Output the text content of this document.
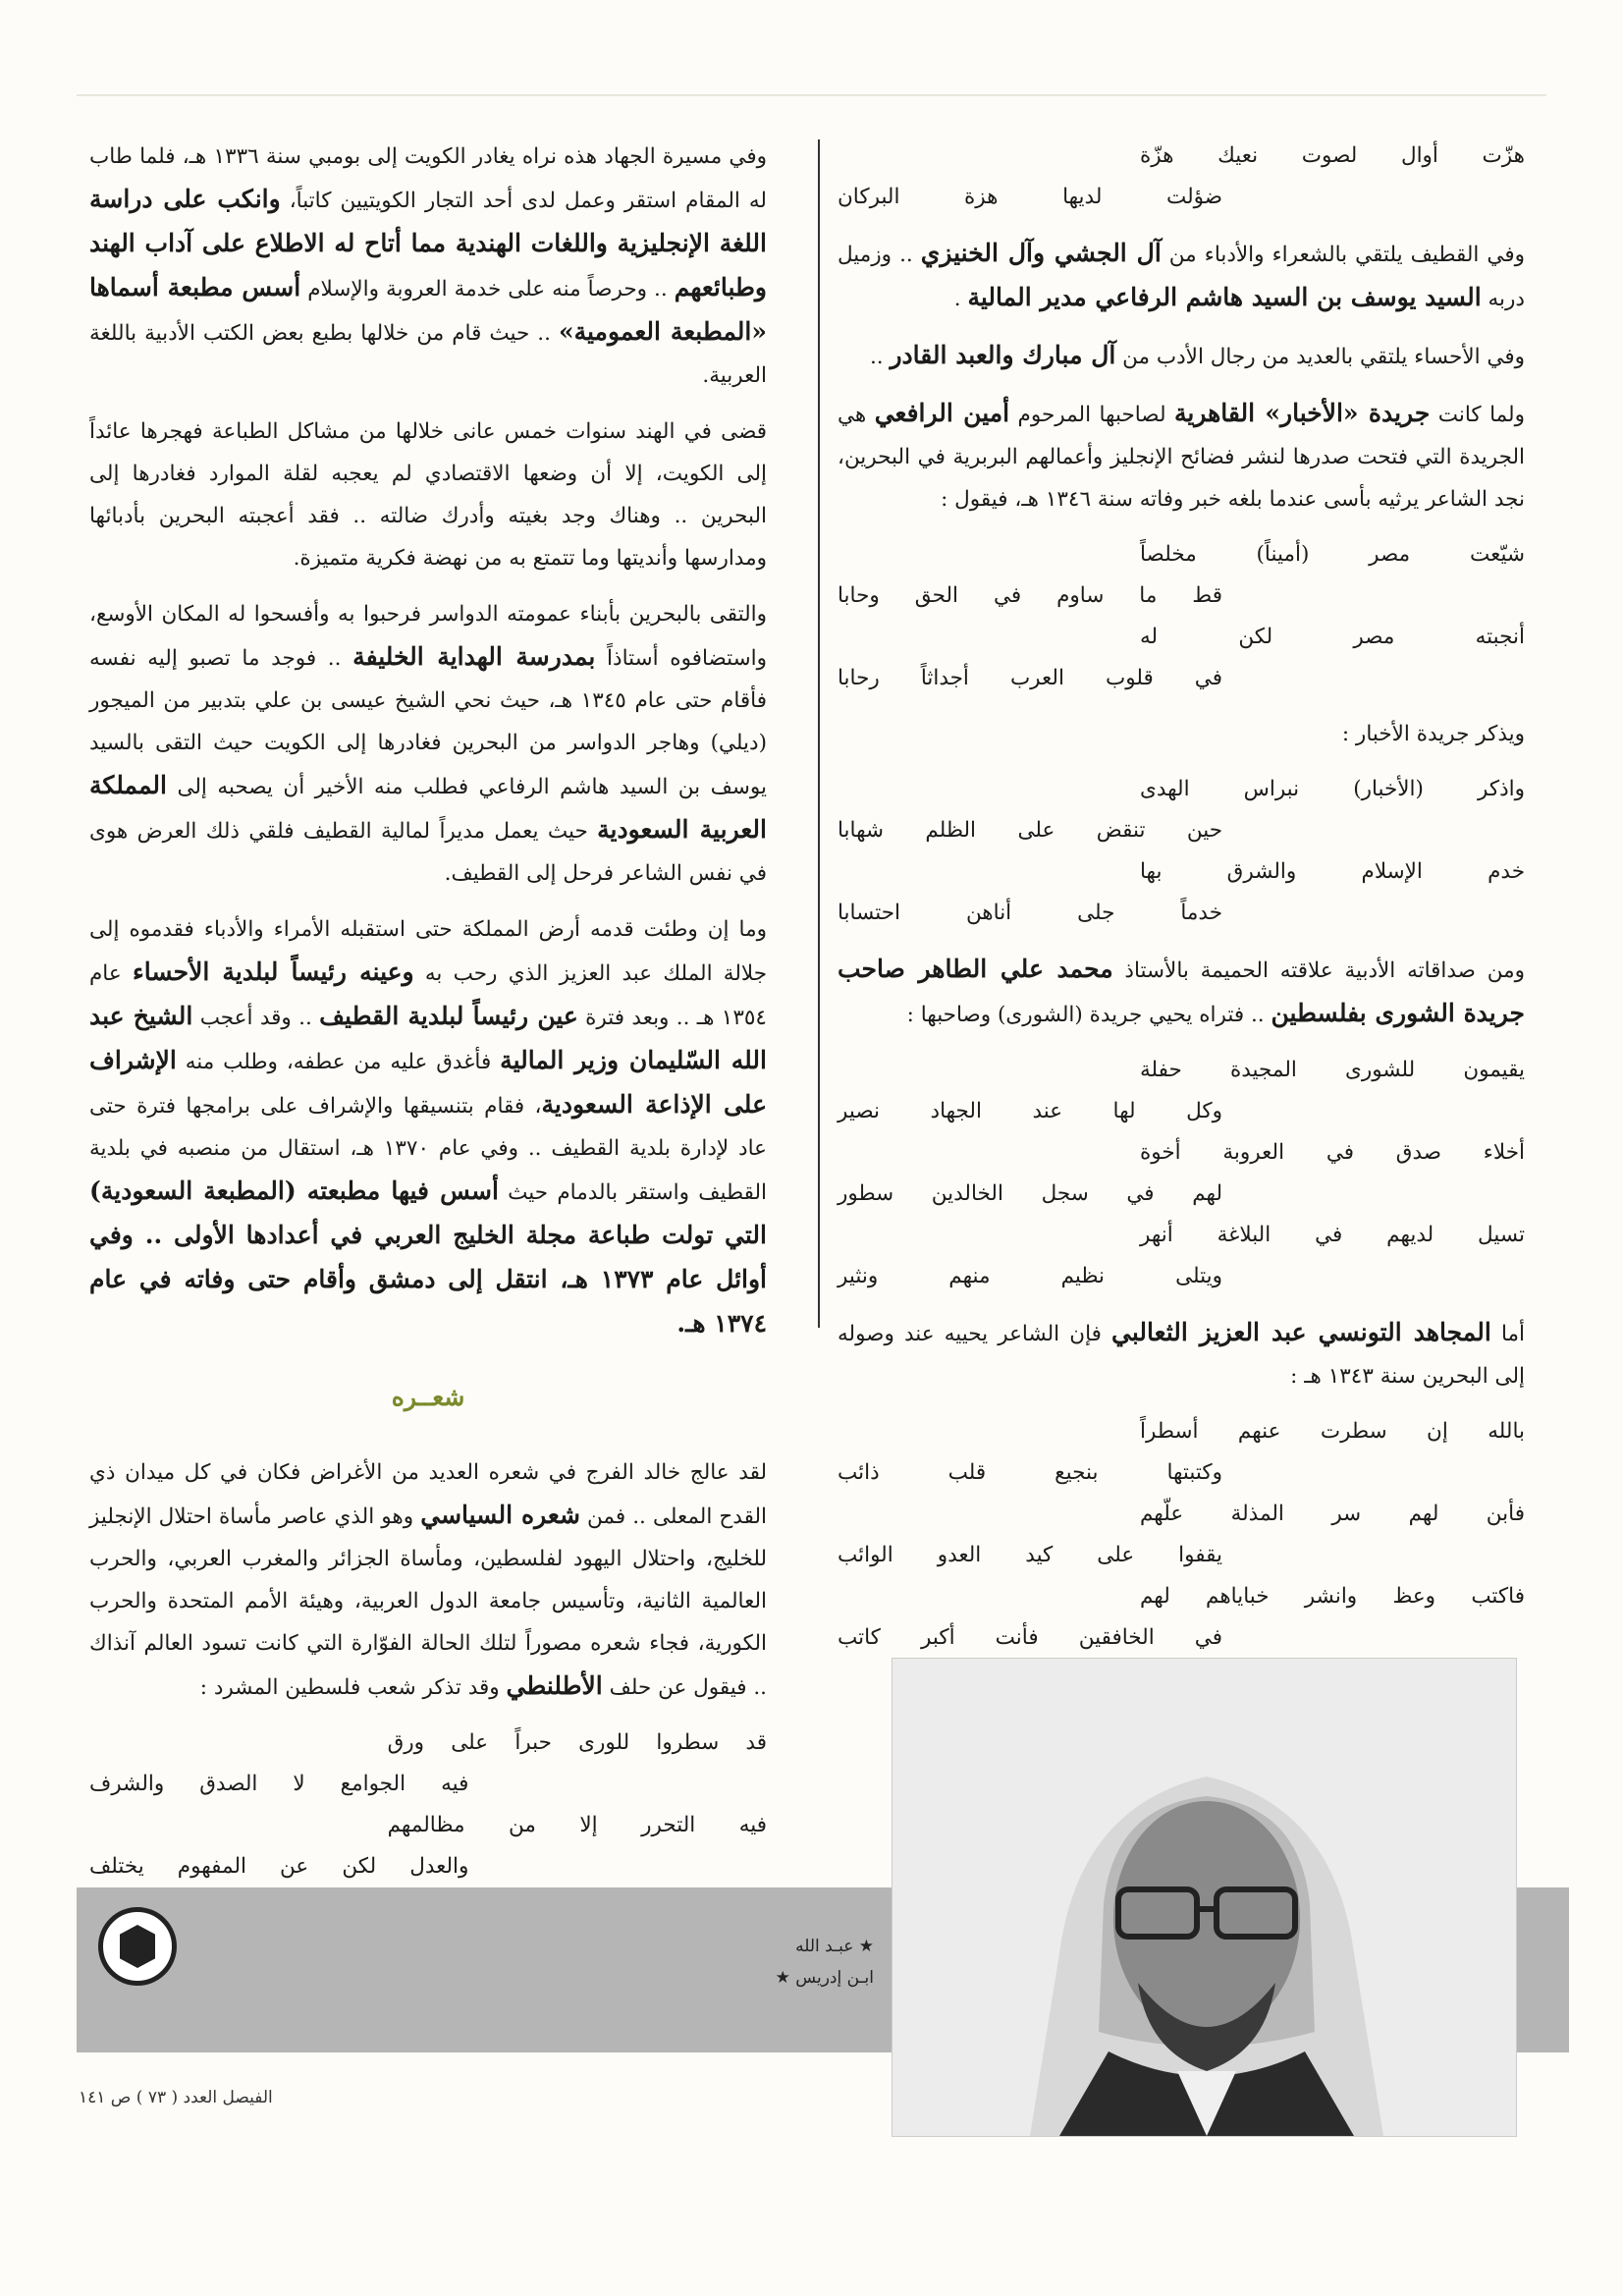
هزّت أوال لصوت نعيك هزّة
ضؤلت لديها هزة البركان

وفي القطيف يلتقي بالشعراء والأدباء من آل الجشي وآل الخنيزي .. وزميل دربه السيد يوسف بن السيد هاشم الرفاعي مدير المالية .

وفي الأحساء يلتقي بالعديد من رجال الأدب من آل مبارك والعبد القادر ..

ولما كانت جريدة «الأخبار» القاهرية لصاحبها المرحوم أمين الرافعي هي الجريدة التي فتحت صدرها لنشر فضائح الإنجليز وأعمالهم البربرية في البحرين، نجد الشاعر يرثيه بأسى عندما بلغه خبر وفاته سنة ١٣٤٦ هـ، فيقول :

شيّعت مصر (أميناً) مخلصاً
قط ما ساوم في الحق وحابا
أنجبته مصر لكن له
في قلوب العرب أجداثاً رحابا

ويذكر جريدة الأخبار :

واذكر (الأخبار) نبراس الهدى
حين تنقض على الظلم شهابا
خدم الإسلام والشرق بها
خدماً جلى أناهن احتسابا

ومن صداقاته الأدبية علاقته الحميمة بالأستاذ محمد علي الطاهر صاحب جريدة الشورى بفلسطين .. فتراه يحيي جريدة (الشورى) وصاحبها :

يقيمون للشورى المجيدة حفلة
وكل لها عند الجهاد نصير
أخلاء صدق في العروبة أخوة
لهم في سجل الخالدين سطور
تسيل لديهم في البلاغة أنهر
ويتلى نظيم منهم ونثير

أما المجاهد التونسي عبد العزيز الثعالبي فإن الشاعر يحييه عند وصوله إلى البحرين سنة ١٣٤٣ هـ :

بالله إن سطرت عنهم أسطراً
وكتبتها بنجيع قلب ذائب
فأبن لهم سر المذلة علّهم
يقفوا على كيد العدو الوائب
فاكتب وعظ وانشر خباياهم لهم
في الخافقين فأنت أكبر كاتب

وفي مسيرة الجهاد هذه نراه يغادر الكويت إلى بومبي سنة ١٣٣٦ هـ، فلما طاب له المقام استقر وعمل لدى أحد التجار الكويتيين كاتباً، وانكب على دراسة اللغة الإنجليزية واللغات الهندية مما أتاح له الاطلاع على آداب الهند وطبائعهم .. وحرصاً منه على خدمة العروبة والإسلام أسس مطبعة أسماها «المطبعة العمومية» .. حيث قام من خلالها بطبع بعض الكتب الأدبية باللغة العربية.

قضى في الهند سنوات خمس عانى خلالها من مشاكل الطباعة فهجرها عائداً إلى الكويت، إلا أن وضعها الاقتصادي لم يعجبه لقلة الموارد فغادرها إلى البحرين .. وهناك وجد بغيته وأدرك ضالته .. فقد أعجبته البحرين بأدبائها ومدارسها وأنديتها وما تتمتع به من نهضة فكرية متميزة.

والتقى بالبحرين بأبناء عمومته الدواسر فرحبوا به وأفسحوا له المكان الأوسع، واستضافوه أستاذاً بمدرسة الهداية الخليفة .. فوجد ما تصبو إليه نفسه فأقام حتى عام ١٣٤٥ هـ، حيث نحي الشيخ عيسى بن علي بتدبير من الميجور (ديلي) وهاجر الدواسر من البحرين فغادرها إلى الكويت حيث التقى بالسيد يوسف بن السيد هاشم الرفاعي فطلب منه الأخير أن يصحبه إلى المملكة العربية السعودية حيث يعمل مديراً لمالية القطيف فلقي ذلك العرض هوى في نفس الشاعر فرحل إلى القطيف.

وما إن وطئت قدمه أرض المملكة حتى استقبله الأمراء والأدباء فقدموه إلى جلالة الملك عبد العزيز الذي رحب به وعينه رئيساً لبلدية الأحساء عام ١٣٥٤ هـ .. وبعد فترة عين رئيساً لبلدية القطيف .. وقد أعجب الشيخ عبد الله السّليمان وزير المالية فأغدق عليه من عطفه، وطلب منه الإشراف على الإذاعة السعودية، فقام بتنسيقها والإشراف على برامجها فترة حتى عاد لإدارة بلدية القطيف .. وفي عام ١٣٧٠ هـ، استقال من منصبه في بلدية القطيف واستقر بالدمام حيث أسس فيها مطبعته (المطبعة السعودية) التي تولت طباعة مجلة الخليج العربي في أعدادها الأولى .. وفي أوائل عام ١٣٧٣ هـ، انتقل إلى دمشق وأقام حتى وفاته في عام ١٣٧٤ هـ.

شعــره

لقد عالج خالد الفرج في شعره العديد من الأغراض فكان في كل ميدان ذي القدح المعلى .. فمن شعره السياسي وهو الذي عاصر مأساة احتلال الإنجليز للخليج، واحتلال اليهود لفلسطين، ومأساة الجزائر والمغرب العربي، والحرب العالمية الثانية، وتأسيس جامعة الدول العربية، وهيئة الأمم المتحدة والحرب الكورية، فجاء شعره مصوراً لتلك الحالة الفوّارة التي كانت تسود العالم آنذاك .. فيقول عن حلف الأطلنطي وقد تذكر شعب فلسطين المشرد :

قد سطروا للورى حبراً على ورق
فيه الجوامع لا الصدق والشرف
فيه التحرر إلا من مظالمهم
والعدل لكن عن المفهوم يختلف
★ عبـد الله
ابـن إدريس ★
الفيصل العدد ( ٧٣ ) ص ١٤١
